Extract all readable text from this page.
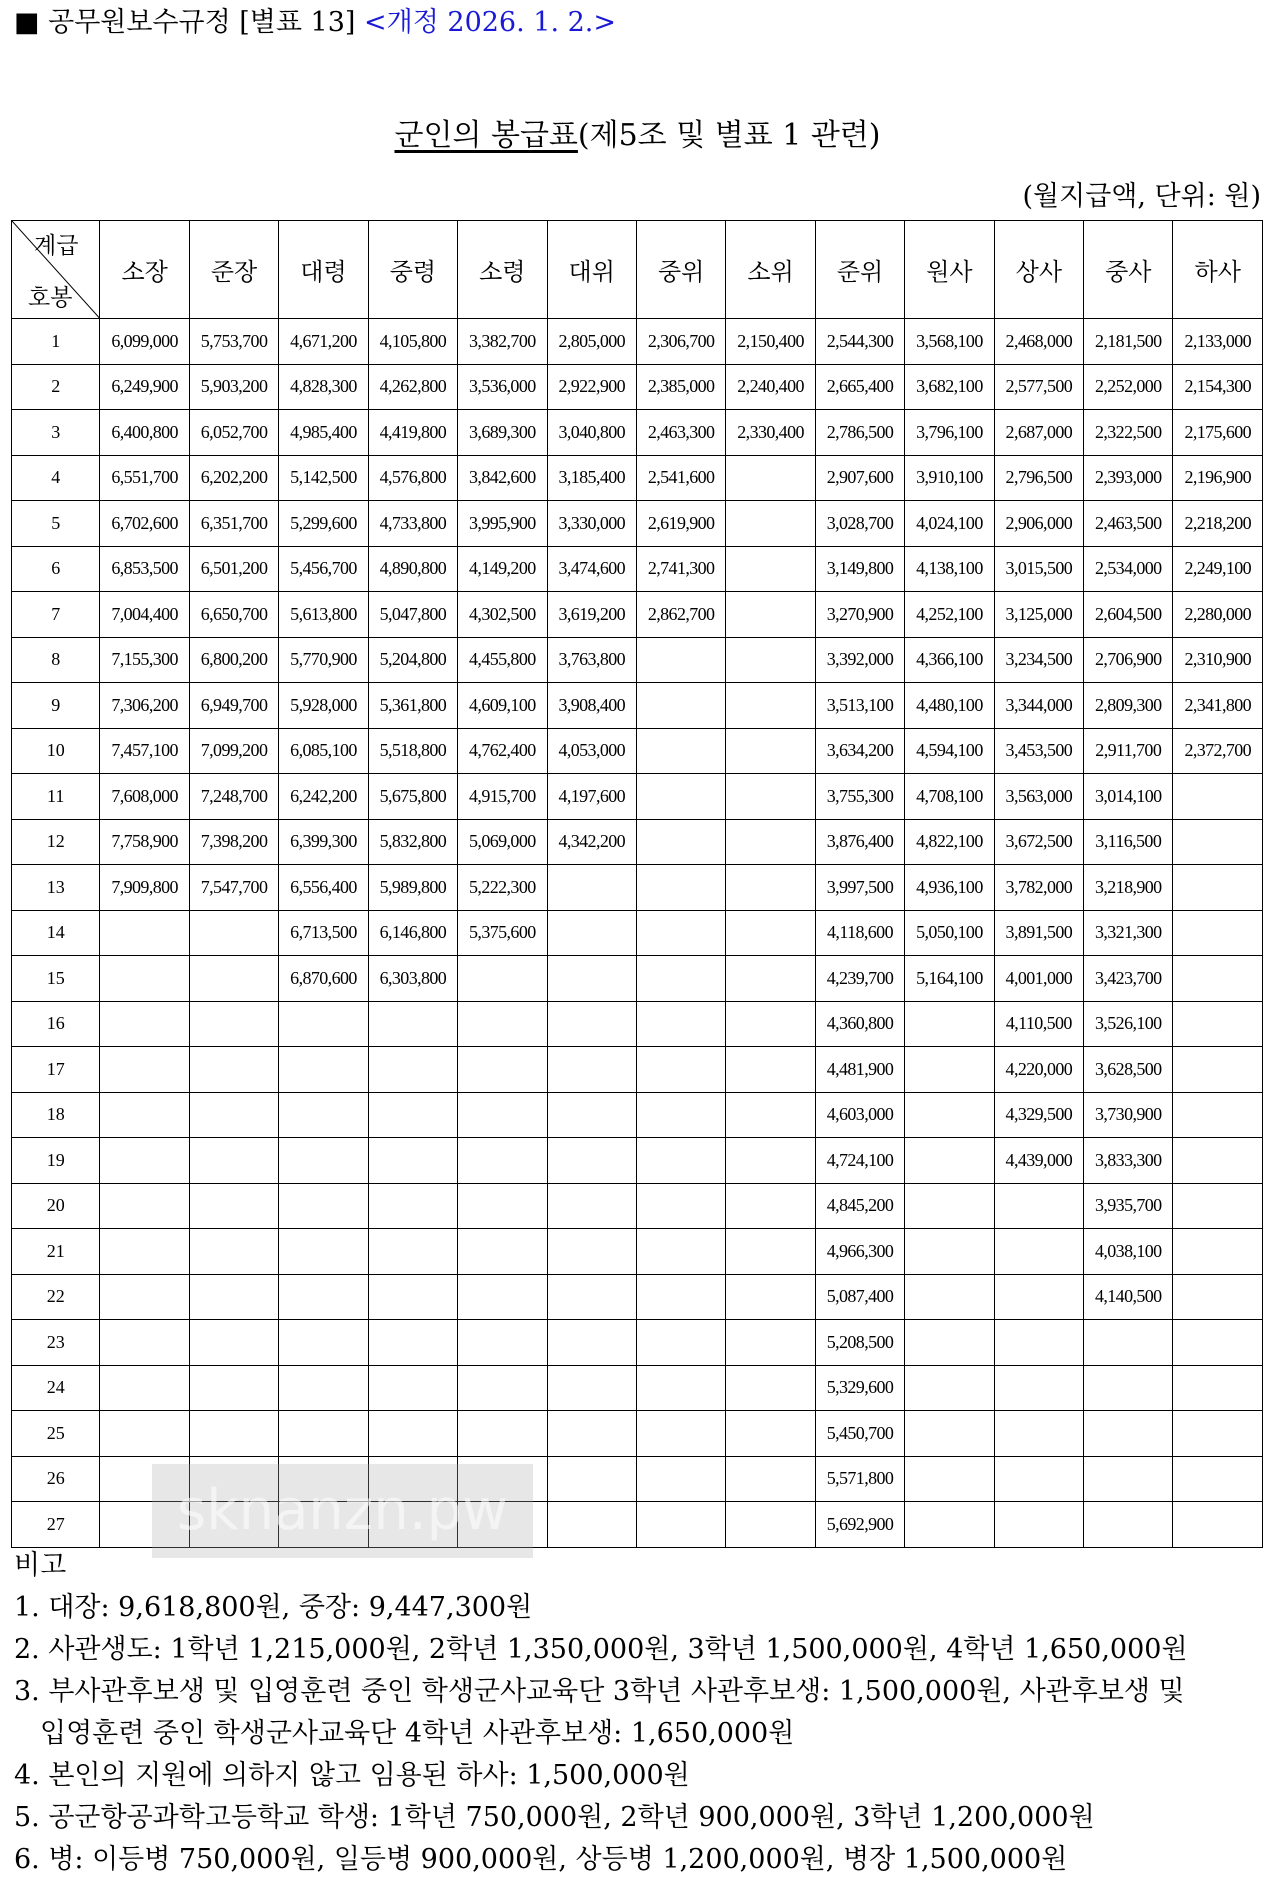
■ 공무원보수규정 [별표 13] <개정 2026. 1. 2.>
군인의 봉급표(제5조 및 별표 1 관련)
(월지급액, 단위: 원)
계급
호봉	소장	준장	대령	중령	소령	대위	중위	소위	준위	원사	상사	중사	하사
1	6,099,000	5,753,700	4,671,200	4,105,800	3,382,700	2,805,000	2,306,700	2,150,400	2,544,300	3,568,100	2,468,000	2,181,500	2,133,000
2	6,249,900	5,903,200	4,828,300	4,262,800	3,536,000	2,922,900	2,385,000	2,240,400	2,665,400	3,682,100	2,577,500	2,252,000	2,154,300
3	6,400,800	6,052,700	4,985,400	4,419,800	3,689,300	3,040,800	2,463,300	2,330,400	2,786,500	3,796,100	2,687,000	2,322,500	2,175,600
4	6,551,700	6,202,200	5,142,500	4,576,800	3,842,600	3,185,400	2,541,600		2,907,600	3,910,100	2,796,500	2,393,000	2,196,900
5	6,702,600	6,351,700	5,299,600	4,733,800	3,995,900	3,330,000	2,619,900		3,028,700	4,024,100	2,906,000	2,463,500	2,218,200
6	6,853,500	6,501,200	5,456,700	4,890,800	4,149,200	3,474,600	2,741,300		3,149,800	4,138,100	3,015,500	2,534,000	2,249,100
7	7,004,400	6,650,700	5,613,800	5,047,800	4,302,500	3,619,200	2,862,700		3,270,900	4,252,100	3,125,000	2,604,500	2,280,000
8	7,155,300	6,800,200	5,770,900	5,204,800	4,455,800	3,763,800			3,392,000	4,366,100	3,234,500	2,706,900	2,310,900
9	7,306,200	6,949,700	5,928,000	5,361,800	4,609,100	3,908,400			3,513,100	4,480,100	3,344,000	2,809,300	2,341,800
10	7,457,100	7,099,200	6,085,100	5,518,800	4,762,400	4,053,000			3,634,200	4,594,100	3,453,500	2,911,700	2,372,700
11	7,608,000	7,248,700	6,242,200	5,675,800	4,915,700	4,197,600			3,755,300	4,708,100	3,563,000	3,014,100	
12	7,758,900	7,398,200	6,399,300	5,832,800	5,069,000	4,342,200			3,876,400	4,822,100	3,672,500	3,116,500	
13	7,909,800	7,547,700	6,556,400	5,989,800	5,222,300				3,997,500	4,936,100	3,782,000	3,218,900	
14			6,713,500	6,146,800	5,375,600				4,118,600	5,050,100	3,891,500	3,321,300	
15			6,870,600	6,303,800					4,239,700	5,164,100	4,001,000	3,423,700	
16									4,360,800		4,110,500	3,526,100	
17									4,481,900		4,220,000	3,628,500	
18									4,603,000		4,329,500	3,730,900	
19									4,724,100		4,439,000	3,833,300	
20									4,845,200			3,935,700	
21									4,966,300			4,038,100	
22									5,087,400			4,140,500	
23									5,208,500				
24									5,329,600				
25									5,450,700				
26									5,571,800				
27									5,692,900				
sknanzn.pw
비고
1. 대장: 9,618,800원, 중장: 9,447,300원
2. 사관생도: 1학년 1,215,000원, 2학년 1,350,000원, 3학년 1,500,000원, 4학년 1,650,000원
3. 부사관후보생 및 입영훈련 중인 학생군사교육단 3학년 사관후보생: 1,500,000원, 사관후보생 및
입영훈련 중인 학생군사교육단 4학년 사관후보생: 1,650,000원
4. 본인의 지원에 의하지 않고 임용된 하사: 1,500,000원
5. 공군항공과학고등학교 학생: 1학년 750,000원, 2학년 900,000원, 3학년 1,200,000원
6. 병: 이등병 750,000원, 일등병 900,000원, 상등병 1,200,000원, 병장 1,500,000원
